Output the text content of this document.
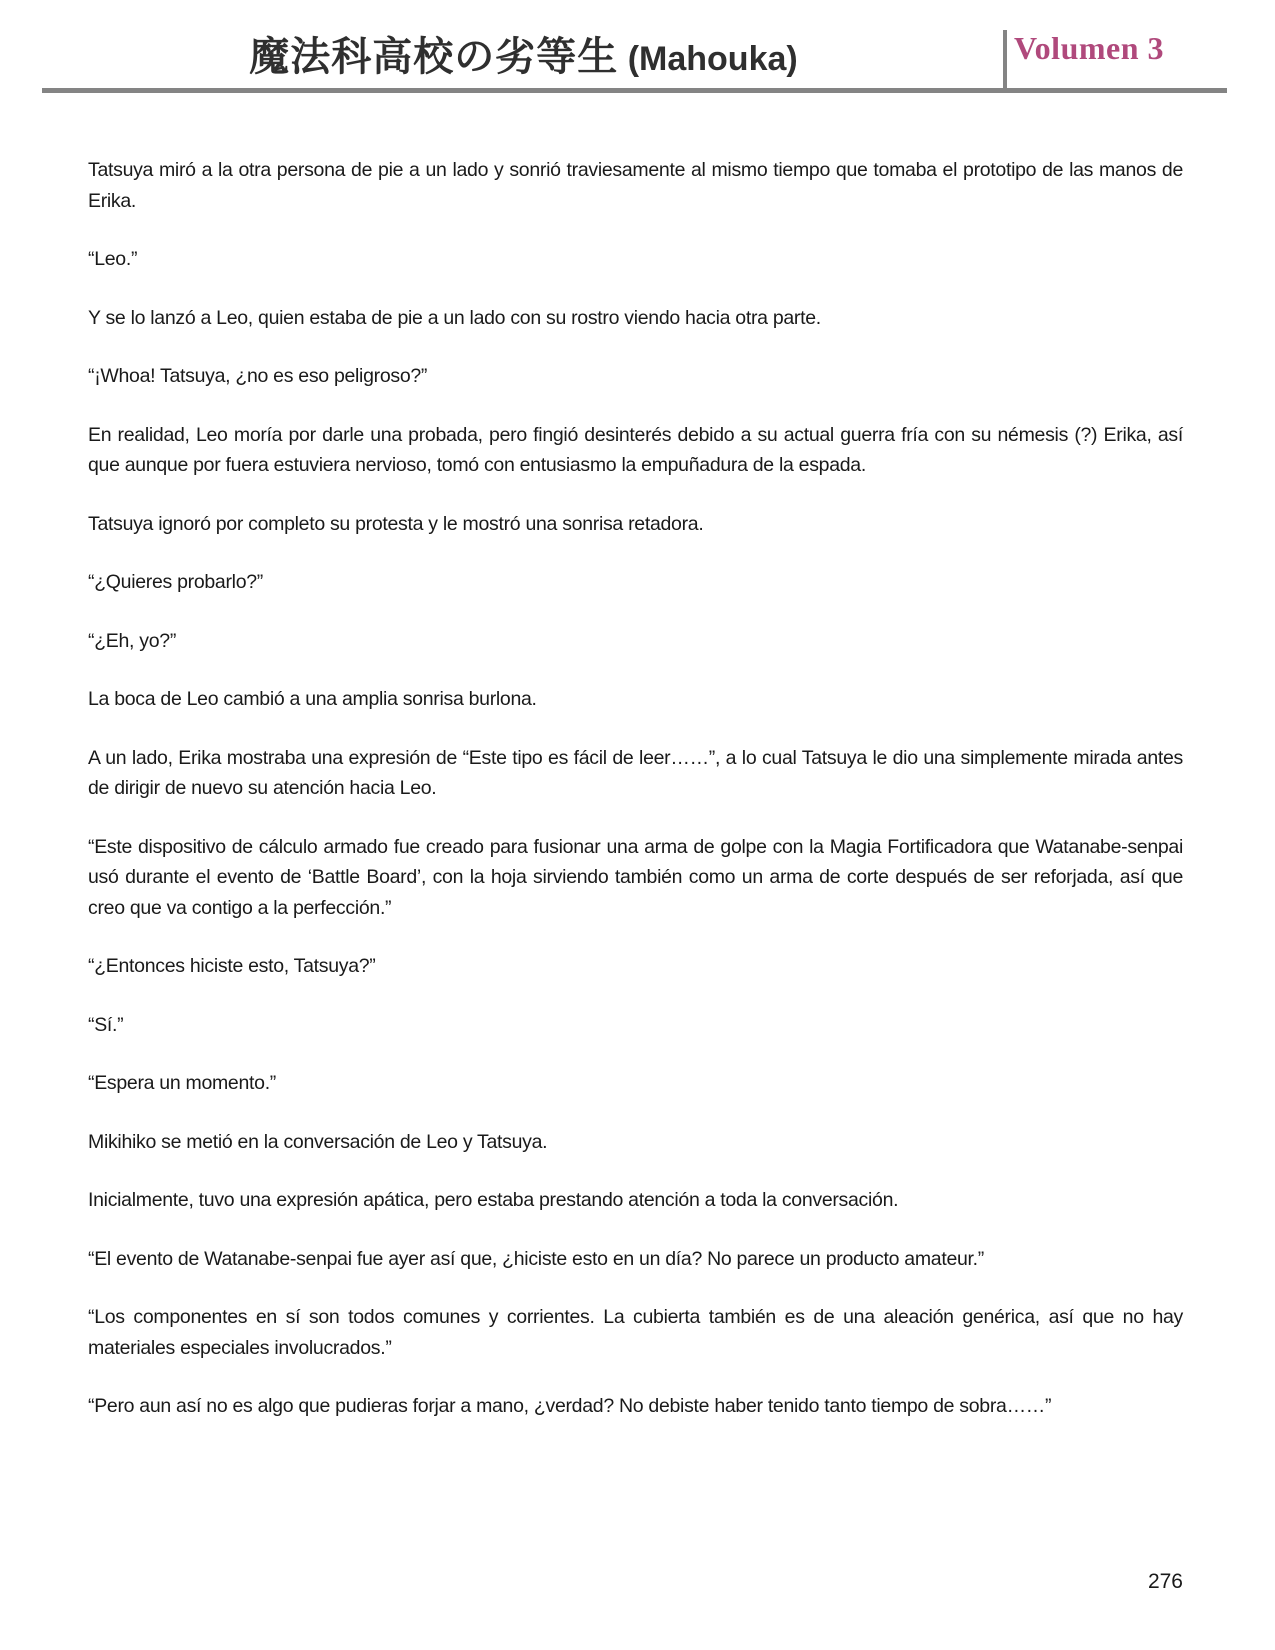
魔法科高校の劣等生 (Mahouka)	Volumen 3

Tatsuya miró a la otra persona de pie a un lado y sonrió traviesamente al mismo tiempo que tomaba el prototipo de las manos de Erika.

“Leo.”

Y se lo lanzó a Leo, quien estaba de pie a un lado con su rostro viendo hacia otra parte.

“¡Whoa! Tatsuya, ¿no es eso peligroso?”

En realidad, Leo moría por darle una probada, pero fingió desinterés debido a su actual guerra fría con su némesis (?) Erika, así que aunque por fuera estuviera nervioso, tomó con entusiasmo la empuñadura de la espada.

Tatsuya ignoró por completo su protesta y le mostró una sonrisa retadora.

“¿Quieres probarlo?”

“¿Eh, yo?”

La boca de Leo cambió a una amplia sonrisa burlona.

A un lado, Erika mostraba una expresión de “Este tipo es fácil de leer……”, a lo cual Tatsuya le dio una simplemente mirada antes de dirigir de nuevo su atención hacia Leo.

“Este dispositivo de cálculo armado fue creado para fusionar una arma de golpe con la Magia Fortificadora que Watanabe-senpai usó durante el evento de ‘Battle Board’, con la hoja sirviendo también como un arma de corte después de ser reforjada, así que creo que va contigo a la perfección.”

“¿Entonces hiciste esto, Tatsuya?”

“Sí.”

“Espera un momento.”

Mikihiko se metió en la conversación de Leo y Tatsuya.

Inicialmente, tuvo una expresión apática, pero estaba prestando atención a toda la conversación.

“El evento de Watanabe-senpai fue ayer así que, ¿hiciste esto en un día? No parece un producto amateur.”

“Los componentes en sí son todos comunes y corrientes. La cubierta también es de una aleación genérica, así que no hay materiales especiales involucrados.”

“Pero aun así no es algo que pudieras forjar a mano, ¿verdad? No debiste haber tenido tanto tiempo de sobra……”

276
